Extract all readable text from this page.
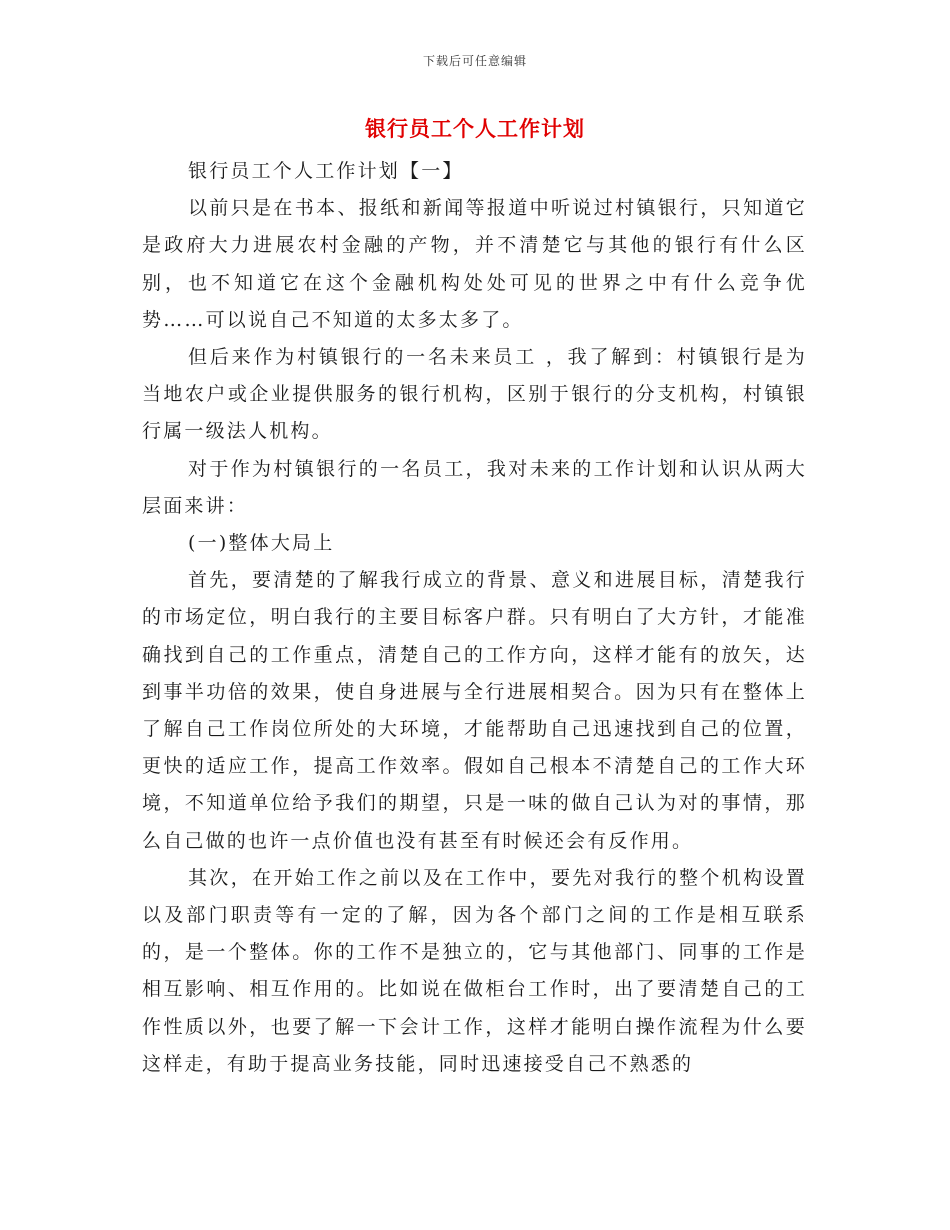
下载后可任意编辑
银行员工个人工作计划

银行员工个人工作计划【一】

以前只是在书本、报纸和新闻等报道中听说过村镇银行，只知道它是政府大力进展农村金融的产物，并不清楚它与其他的银行有什么区别，也不知道它在这个金融机构处处可见的世界之中有什么竞争优势……可以说自己不知道的太多太多了。

但后来作为村镇银行的一名未来员工 ，我了解到：村镇银行是为当地农户或企业提供服务的银行机构，区别于银行的分支机构，村镇银行属一级法人机构。

对于作为村镇银行的一名员工，我对未来的工作计划和认识从两大层面来讲：

(一)整体大局上

首先，要清楚的了解我行成立的背景、意义和进展目标，清楚我行的市场定位，明白我行的主要目标客户群。只有明白了大方针，才能准确找到自己的工作重点，清楚自己的工作方向，这样才能有的放矢，达到事半功倍的效果，使自身进展与全行进展相契合。因为只有在整体上了解自己工作岗位所处的大环境，才能帮助自己迅速找到自己的位置，更快的适应工作，提高工作效率。假如自己根本不清楚自己的工作大环境，不知道单位给予我们的期望，只是一味的做自己认为对的事情，那么自己做的也许一点价值也没有甚至有时候还会有反作用。

其次，在开始工作之前以及在工作中，要先对我行的整个机构设置以及部门职责等有一定的了解，因为各个部门之间的工作是相互联系的，是一个整体。你的工作不是独立的，它与其他部门、同事的工作是相互影响、相互作用的。比如说在做柜台工作时，出了要清楚自己的工作性质以外，也要了解一下会计工作，这样才能明白操作流程为什么要这样走，有助于提高业务技能，同时迅速接受自己不熟悉的
